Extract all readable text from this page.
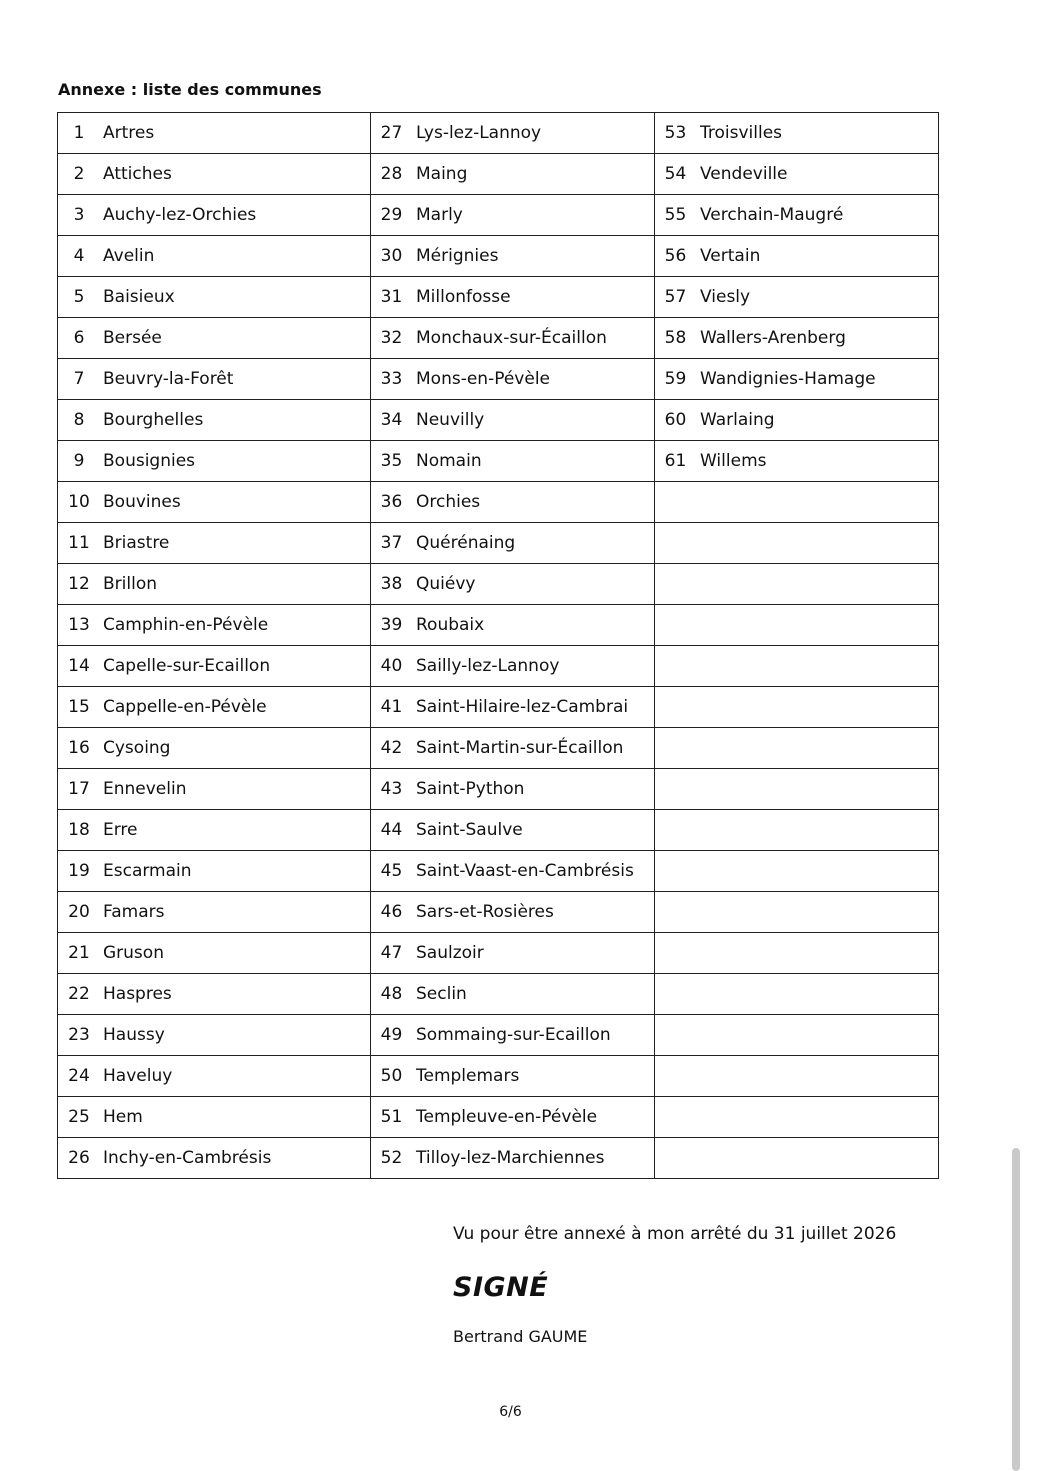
Annexe : liste des communes
1 Artres	27 Lys-lez-Lannoy	53 Troisvilles

2 Attiches	28 Maing	54 Vendeville

3 Auchy-lez-Orchies	29 Marly	55 Verchain-Maugré

4 Avelin	30 Mérignies	56 Vertain

5 Baisieux	31 Millonfosse	57 Viesly

6 Bersée	32 Monchaux-sur-Écaillon	58 Wallers-Arenberg

7 Beuvry-la-Forêt	33 Mons-en-Pévèle	59 Wandignies-Hamage

8 Bourghelles	34 Neuvilly	60 Warlaing

9 Bousignies	35 Nomain	61 Willems

10 Bouvines	36 Orchies	

11 Briastre	37 Quérénaing	

12 Brillon	38 Quiévy	

13 Camphin-en-Pévèle	39 Roubaix	

14 Capelle-sur-Ecaillon	40 Sailly-lez-Lannoy	

15 Cappelle-en-Pévèle	41 Saint-Hilaire-lez-Cambrai	

16 Cysoing	42 Saint-Martin-sur-Écaillon	

17 Ennevelin	43 Saint-Python	

18 Erre	44 Saint-Saulve	

19 Escarmain	45 Saint-Vaast-en-Cambrésis	

20 Famars	46 Sars-et-Rosières	

21 Gruson	47 Saulzoir	

22 Haspres	48 Seclin	

23 Haussy	49 Sommaing-sur-Ecaillon	

24 Haveluy	50 Templemars	

25 Hem	51 Templeuve-en-Pévèle	

26 Inchy-en-Cambrésis	52 Tilloy-lez-Marchiennes	

Vu pour être annexé à mon arrêté du 31 juillet 2026

SIGNÉ
Bertrand GAUME
6/6
